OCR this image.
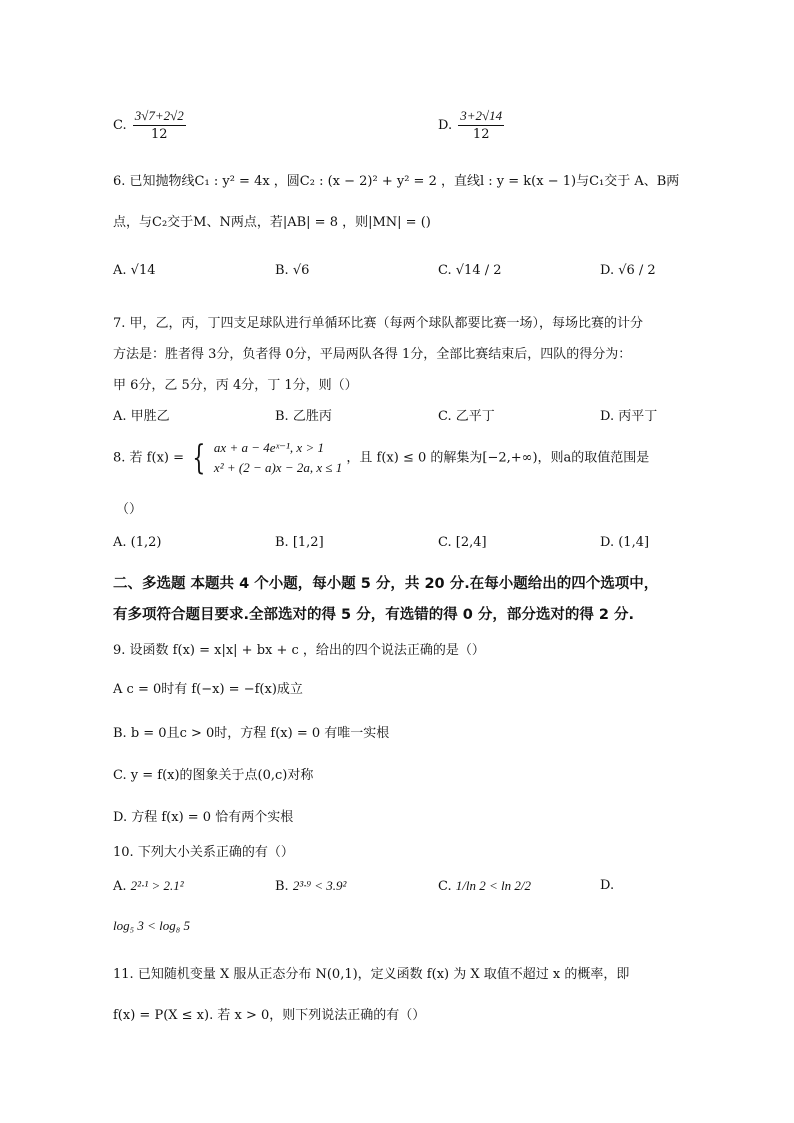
C. $\frac{3√7+2√2}{12}$	D. $\frac{3+2√14}{12}$
6. 已知抛物线C₁ : y² = 4x ，圆C₂ : (x − 2)² + y² = 2 ，直线l : y = k(x − 1)与C₁交于 A、B两
点，与C₂交于M、N两点，若|AB| = 8 ，则|MN| = ()
A. √14	B. √6	C. √14 / 2	D. √6 / 2
7. 甲，乙，丙，丁四支足球队进行单循环比赛（每两个球队都要比赛一场），每场比赛的计分
方法是：胜者得 3分，负者得 0分，平局两队各得 1分，全部比赛结束后，四队的得分为：
甲 6分，乙 5分，丙 4分，丁 1分，则（）
A. 甲胜乙	B. 乙胜丙	C. 乙平丁	D. 丙平丁
8. 若 f(x) = { ax + a − 4eˣ⁻¹, x > 1
x² + (2 − a)x − 2a, x ≤ 1
，且 f(x) ≤ 0 的解集为[−2,+∞)，则a的取值范围是
（）
A. (1,2)	B. [1,2]	C. [2,4]	D. (1,4]
二、多选题 本题共 4 个小题，每小题 5 分，共 20 分.在每小题给出的四个选项中，
有多项符合题目要求.全部选对的得 5 分，有选错的得 0 分，部分选对的得 2 分.
9. 设函数 f(x) = x|x| + bx + c ，给出的四个说法正确的是（）
A c = 0时有 f(−x) = −f(x)成立
B. b = 0且c > 0时，方程 f(x) = 0 有唯一实根
C. y = f(x)的图象关于点(0,c)对称
D. 方程 f(x) = 0 恰有两个实根
10. 下列大小关系正确的有（）
A. 2²·¹ > 2.1²	B. 2³·⁹ < 3.9²	C. 1/ln 2 < ln 2/2	D.
log₅ 3 < log₈ 5
11. 已知随机变量 X 服从正态分布 N(0,1)，定义函数 f(x) 为 X 取值不超过 x 的概率，即
f(x) = P(X ≤ x). 若 x > 0，则下列说法正确的有（）
